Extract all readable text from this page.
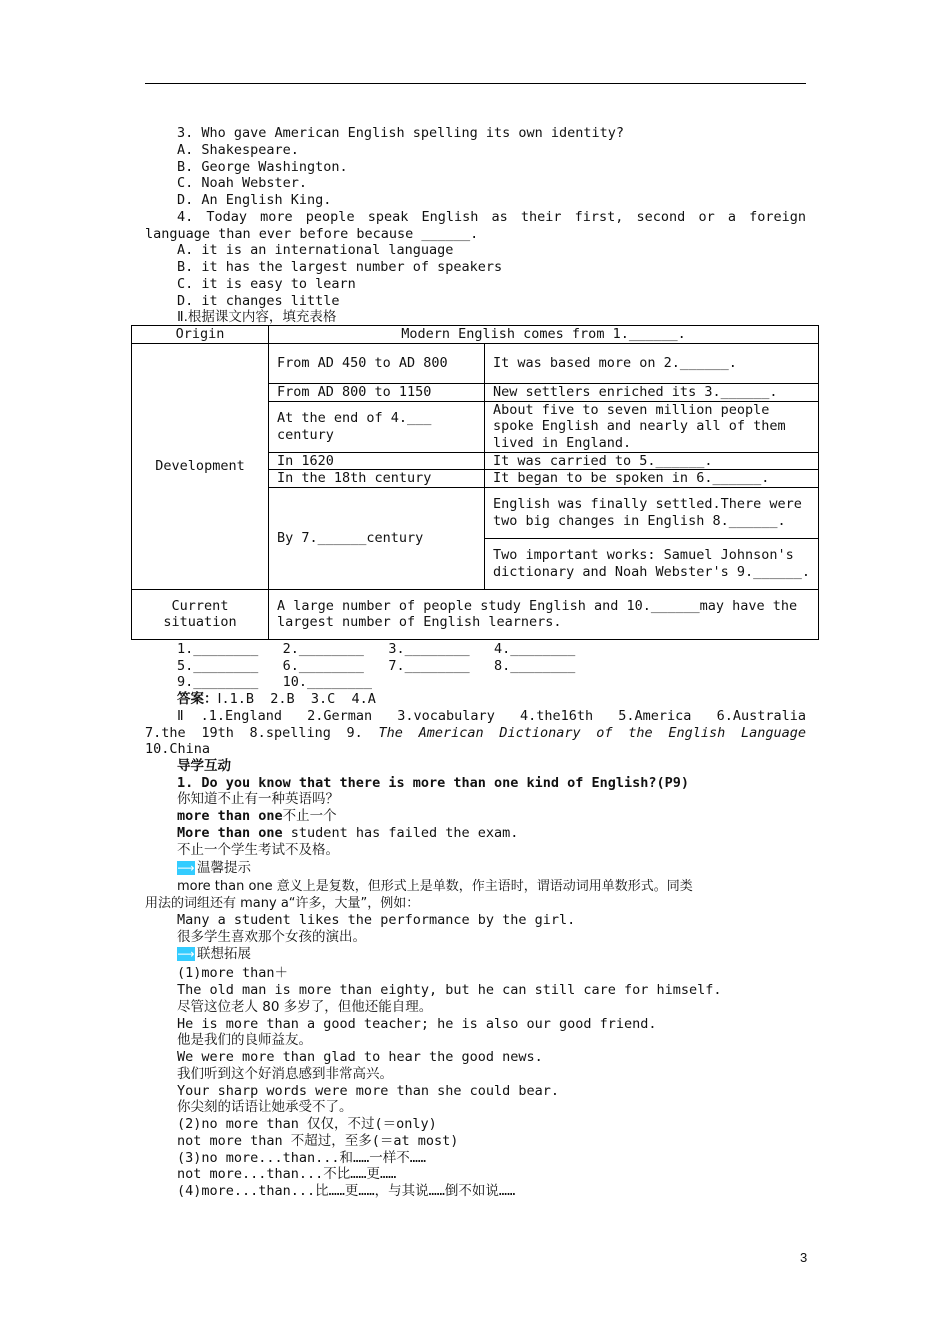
3. Who gave American English spelling its own identity?
A. Shakespeare.
B. George Washington.
C. Noah Webster.
D. An English King.
4. Today more people speak English as their first, second or a foreign
language than ever before because ______.
A. it is an international language
B. it has the largest number of speakers
C. it is easy to learn
D. it changes little
Ⅱ.根据课文内容，填充表格
Origin	Modern English comes from 1.______.	
Development	From AD 450 to AD 800	It was based more on 2.______.
	From AD 800 to 1150	New settlers enriched its 3.______.
	At the end of 4.___ century	About five to seven million people spoke English and nearly all of them lived in England.
	In 1620	It was carried to 5.______.
	In the 18th century	It began to be spoken in 6.______.
	By 7.______century	English was finally settled.There were two big changes in English 8.______.
		Two important works: Samuel Johnson's dictionary and Noah Webster's 9.______.
Current situation	A large number of people study English and 10.______may have the largest number of English learners.	
1.________   2.________   3.________   4.________
5.________   6.________   7.________   8.________
9.________   10.________
答案：Ⅰ.1.B  2.B  3.C  4.A
Ⅱ.1.England 2.German 3.vocabulary 4.the16th 5.America 6.Australia
7.the 19th 8.spelling 9. The American Dictionary of the English Language
10.China
导学互动
1. Do you know that there is more than one kind of English?(P9)
你知道不止有一种英语吗？
more than one不止一个
More than one student has failed the exam.
不止一个学生考试不及格。
⟶ 温馨提示
more than one 意义上是复数，但形式上是单数，作主语时，谓语动词用单数形式。同类
用法的词组还有 many a“许多，大量”，例如：
Many a student likes the performance by the girl.
很多学生喜欢那个女孩的演出。
⟶ 联想拓展
(1)more than＋
The old man is more than eighty, but he can still care for himself.
尽管这位老人 80 多岁了，但他还能自理。
He is more than a good teacher; he is also our good friend.
他是我们的良师益友。
We were more than glad to hear the good news.
我们听到这个好消息感到非常高兴。
Your sharp words were more than she could bear.
你尖刻的话语让她承受不了。
(2)no more than 仅仅，不过(＝only)
not more than 不超过，至多(＝at most)
(3)no more...than...和……一样不……
not more...than...不比……更……
(4)more...than...比……更……，与其说……倒不如说……
3
